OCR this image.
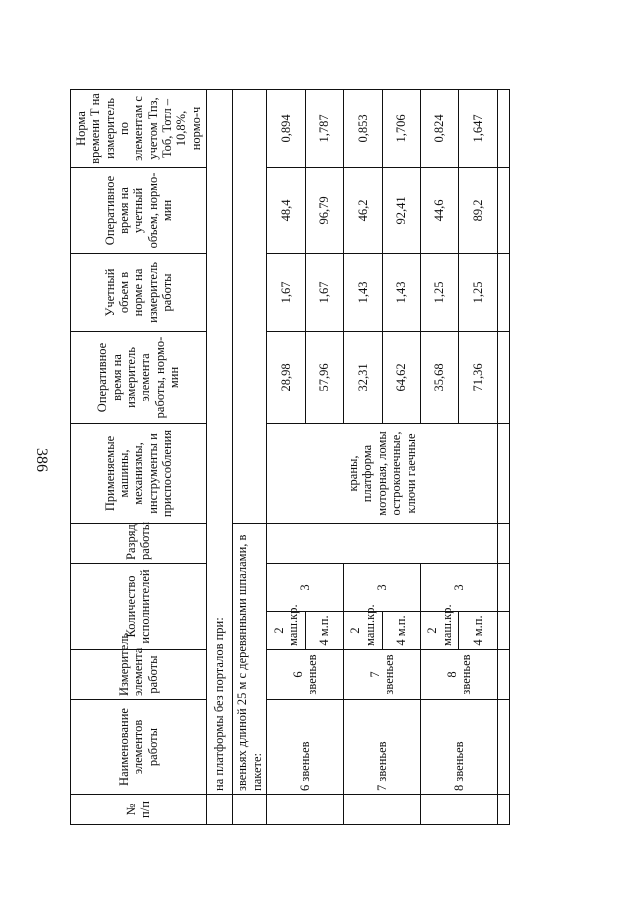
386
№ п/п	Наименование элементов работы	Измеритель элемента работы	Количество исполнителей		Разряд работы	Применяемые машины, механизмы, инструменты и приспособления	Оперативное время на измеритель элемента работы, нормо-мин	Учетный объем в норме на измеритель работы	Оперативное время на учетный объем, нормо-мин	Норма времени Т на измеритель по элементам с учетом Тпз, Тоб, Тотл – 10,8%, нормо-ч
	на платформы без порталов при:									
	звеньях длиной 25 м с деревянными шпалами, в пакете:									
	6 звеньев	6 звеньев	2 маш.кр.	3		краны, платформа моторная, ломы остроконечные, ключи гаечные	28,98	1,67	48,4	0,894
			4 м.п.				57,96	1,67	96,79	1,787
	7 звеньев	7 звеньев	2 маш.кр.	3			32,31	1,43	46,2	0,853
			4 м.п.				64,62	1,43	92,41	1,706
	8 звеньев	8 звеньев	2 маш.кр.	3			35,68	1,25	44,6	0,824
			4 м.п.				71,36	1,25	89,2	1,647
